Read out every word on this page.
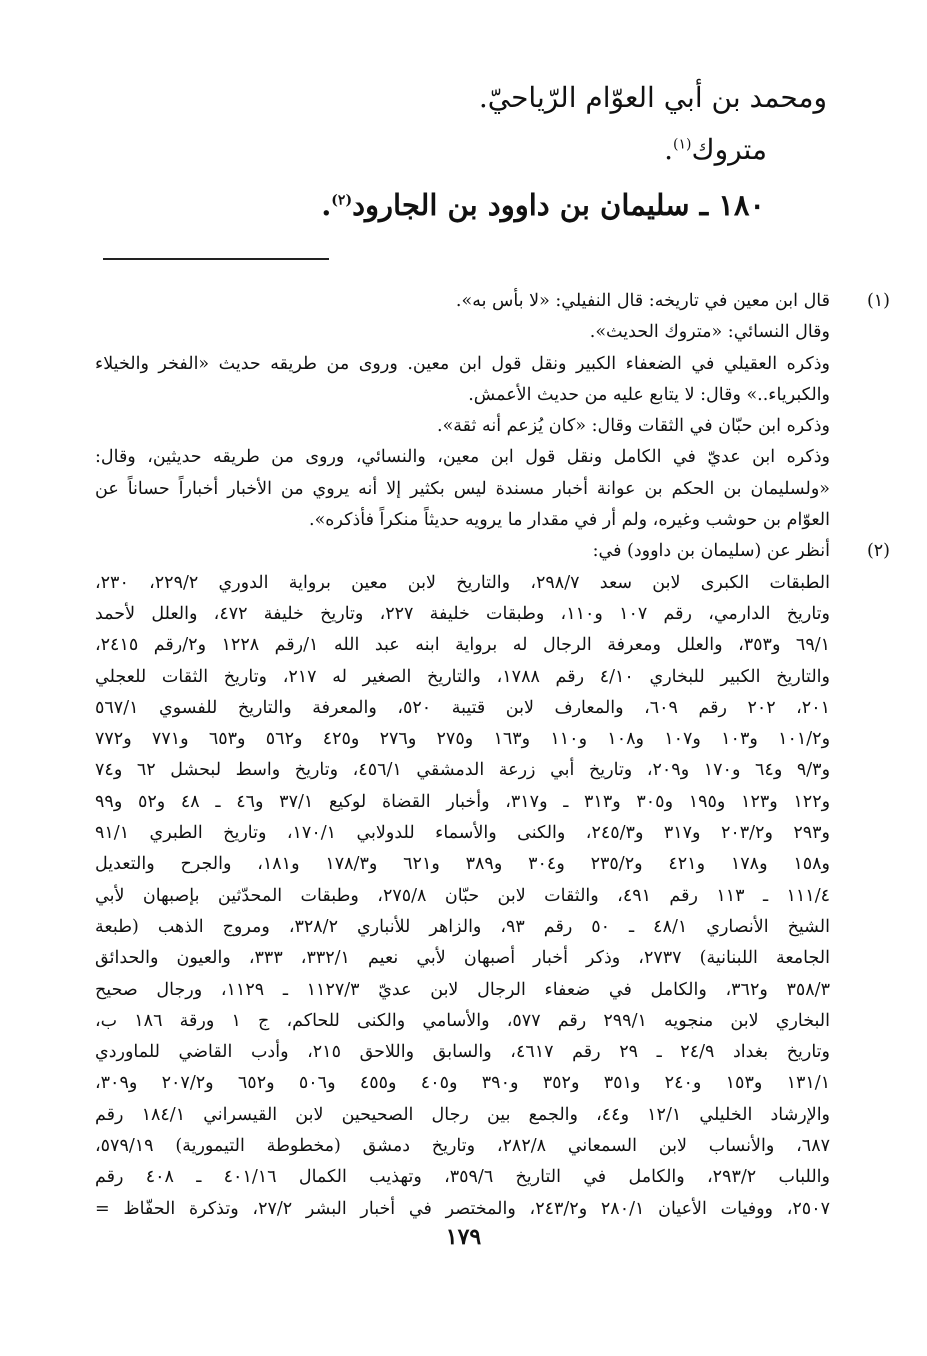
ومحمد بن أبي العوّام الرّياحيّ.
متروك$^{(١)}$.
١٨٠ ـ سليمان بن داوود بن الجارود$^{(٢)}$.
(١)
قال ابن معين في تاريخه: قال النفيلي: «لا بأس به».
وقال النسائي: «متروك الحديث».
وذكره العقيلي في الضعفاء الكبير ونقل قول ابن معين. وروى من طريقه حديث «الفخر والخيلاء
والكبرياء..» وقال: لا يتابع عليه من حديث الأعمش.
وذكره ابن حبّان في الثقات وقال: «كان يُزعم أنه ثقة».
وذكره ابن عديّ في الكامل ونقل قول ابن معين، والنسائي، وروى من طريقه حديثين، وقال:
«ولسليمان بن الحكم بن عوانة أخبار مسندة ليس بكثير إلا أنه يروي من الأخبار أخباراً حساناً عن
العوّام بن حوشب وغيره، ولم أر في مقدار ما يرويه حديثاً منكراً فأذكره».
(٢)
أنظر عن (سليمان بن داوود) في:
الطبقات الكبرى لابن سعد ٢٩٨/٧، والتاريخ لابن معين برواية الدوري ٢٢٩/٢، ٢٣٠،
وتاريخ الدارمي، رقم ١٠٧ و١١٠، وطبقات خليفة ٢٢٧، وتاريخ خليفة ٤٧٢، والعلل لأحمد
٦٩/١ و٣٥٣، والعلل ومعرفة الرجال له برواية ابنه عبد الله ١/رقم ١٢٢٨ و٢/رقم ٢٤١٥،
والتاريخ الكبير للبخاري ٤/١٠ رقم ١٧٨٨، والتاريخ الصغير له ٢١٧، وتاريخ الثقات للعجلي
٢٠١، ٢٠٢ رقم ٦٠٩، والمعارف لابن قتيبة ٥٢٠، والمعرفة والتاريخ للفسوي ٥٦٧/١
و١٠١/٢ و١٠٣ و١٠٧ و١٠٨ و١١٠ و١٦٣ و٢٧٥ و٢٧٦ و٤٢٥ و٥٦٢ و٦٥٣ و٧٧١ و٧٧٢
و٩/٣ و٦٤ و١٧٠ و٢٠٩، وتاريخ أبي زرعة الدمشقي ٤٥٦/١، وتاريخ واسط لبحشل ٦٢ و٧٤
و١٢٢ و١٢٣ و١٩٥ و٣٠٥ و٣١٣ ـ و٣١٧، وأخبار القضاة لوكيع ٣٧/١ و٤٦ ـ ٤٨ و٥٢ و٩٩
و٢٩٣ و٢٠٣/٢ و٣١٧ و٢٤٥/٣، والكنى والأسماء للدولابي ١٧٠/١، وتاريخ الطبري ٩١/١
و١٥٨ و١٧٨ و٤٢١ و٢٣٥/٢ و٣٠٤ و٣٨٩ و٦٢١ و١٧٨/٣ و١٨١، والجرح والتعديل
١١١/٤ ـ ١١٣ رقم ٤٩١، والثقات لابن حبّان ٢٧٥/٨، وطبقات المحدّثين بإصبهان لأبي
الشيخ الأنصاري ٤٨/١ ـ ٥٠ رقم ٩٣، والزاهر للأنباري ٣٢٨/٢، ومروج الذهب (طبعة
الجامعة اللبنانية) ٢٧٣٧، وذكر أخبار أصبهان لأبي نعيم ٣٣٢/١، ٣٣٣، والعيون والحدائق
٣٥٨/٣ و٣٦٢، والكامل في ضعفاء الرجال لابن عديّ ١١٢٧/٣ ـ ١١٢٩، ورجال صحيح
البخاري لابن منجويه ٢٩٩/١ رقم ٥٧٧، والأسامي والكنى للحاكم، ج ١ ورقة ١٨٦ ب،
وتاريخ بغداد ٢٤/٩ ـ ٢٩ رقم ٤٦١٧، والسابق واللاحق ٢١٥، وأدب القاضي للماوردي
١٣١/١ و١٥٣ و٢٤٠ و٣٥١ و٣٥٢ و٣٩٠ و٤٠٥ و٤٥٥ و٥٠٦ و٦٥٢ و٢٠٧/٢ و٣٠٩،
والإرشاد الخليلي ١٢/١ و٤٤، والجمع بين رجال الصحيحين لابن القيسراني ١٨٤/١ رقم
٦٨٧، والأنساب لابن السمعاني ٢٨٢/٨، وتاريخ دمشق (مخطوطة التيمورية) ٥٧٩/١٩،
واللباب ٢٩٣/٢، والكامل في التاريخ ٣٥٩/٦، وتهذيب الكمال ٤٠١/١٦ ـ ٤٠٨ رقم
٢٥٠٧، ووفيات الأعيان ٢٨٠/١ و٢٤٣/٢، والمختصر في أخبار البشر ٢٧/٢، وتذكرة الحفّاظ =
١٧٩
